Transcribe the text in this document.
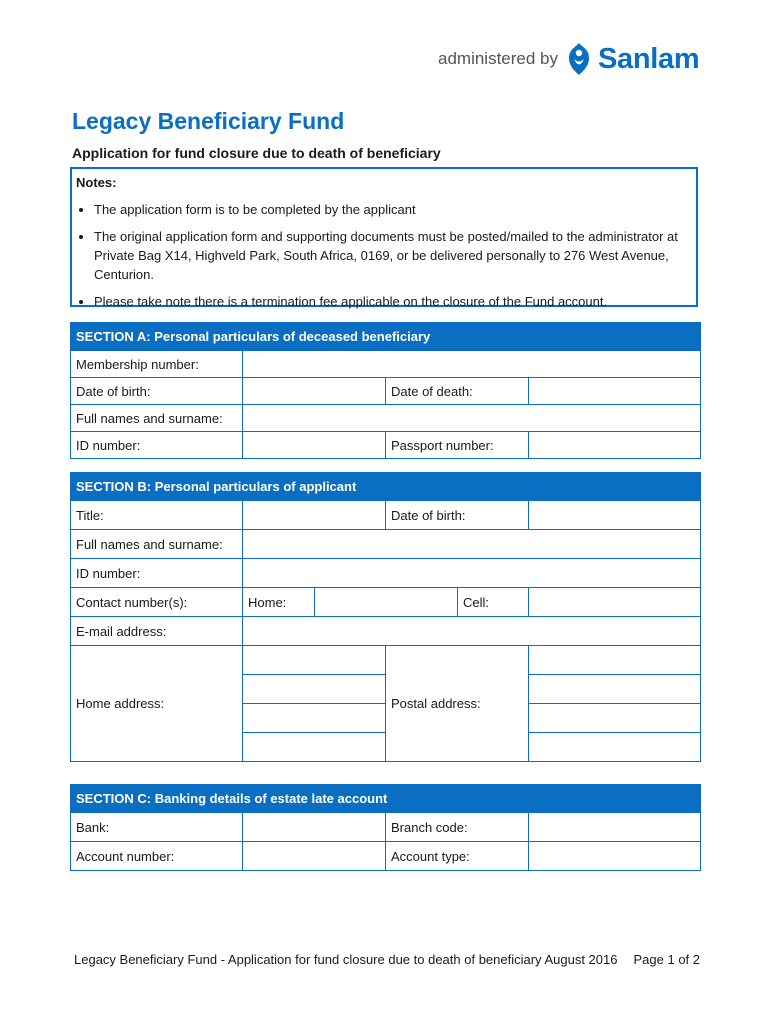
administered by Sanlam
Legacy Beneficiary Fund
Application for fund closure due to death of beneficiary
Notes:
• The application form is to be completed by the applicant
• The original application form and supporting documents must be posted/mailed to the administrator at Private Bag X14, Highveld Park, South Africa, 0169, or be delivered personally to 276 West Avenue, Centurion.
• Please take note there is a termination fee applicable on the closure of the Fund account.
SECTION A: Personal particulars of deceased beneficiary			
Membership number:			
Date of birth:		Date of death:	
Full names and surname:			
ID number:		Passport number:	
SECTION B: Personal particulars of applicant					
Title:			Date of birth:		
Full names and surname:					
ID number:					
Contact number(s):	Home:			Cell:	
E-mail address:					
Home address:			Postal address:		

SECTION C: Banking details of estate late account			
Bank:		Branch code:	
Account number:		Account type:	
Legacy Beneficiary Fund - Application for fund closure due to death of beneficiary August 2016 Page 1 of 2
